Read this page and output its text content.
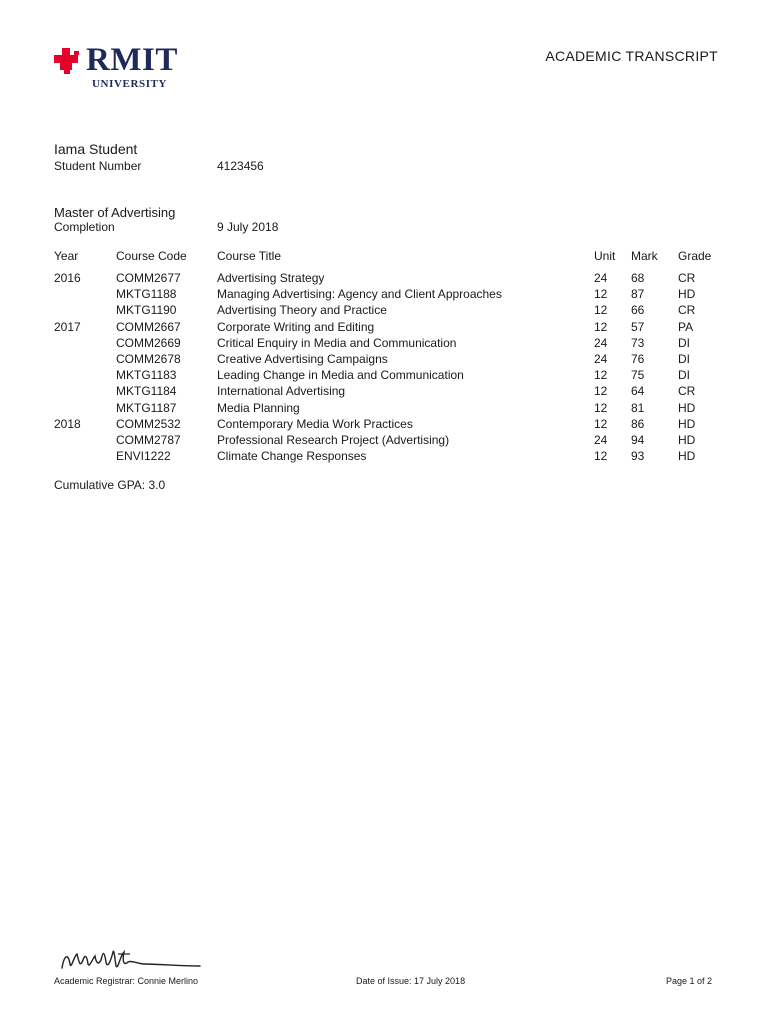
RMIT
UNIVERSITY
ACADEMIC TRANSCRIPT
Iama Student
Student Number	4123456
Master of Advertising
Completion	9 July 2018
Year	Course Code	Course Title	Unit	Mark	Grade
2016	COMM2677	Advertising Strategy	24	68	CR
	MKTG1188	Managing Advertising: Agency and Client Approaches	12	87	HD
	MKTG1190	Advertising Theory and Practice	12	66	CR
2017	COMM2667	Corporate Writing and Editing	12	57	PA
	COMM2669	Critical Enquiry in Media and Communication	24	73	DI
	COMM2678	Creative Advertising Campaigns	24	76	DI
	MKTG1183	Leading Change in Media and Communication	12	75	DI
	MKTG1184	International Advertising	12	64	CR
	MKTG1187	Media Planning	12	81	HD
2018	COMM2532	Contemporary Media Work Practices	12	86	HD
	COMM2787	Professional Research Project (Advertising)	24	94	HD
	ENVI1222	Climate Change Responses	12	93	HD
Cumulative GPA: 3.0
Academic Registrar: Connie Merlino	Date of Issue: 17 July 2018	Page 1 of 2
